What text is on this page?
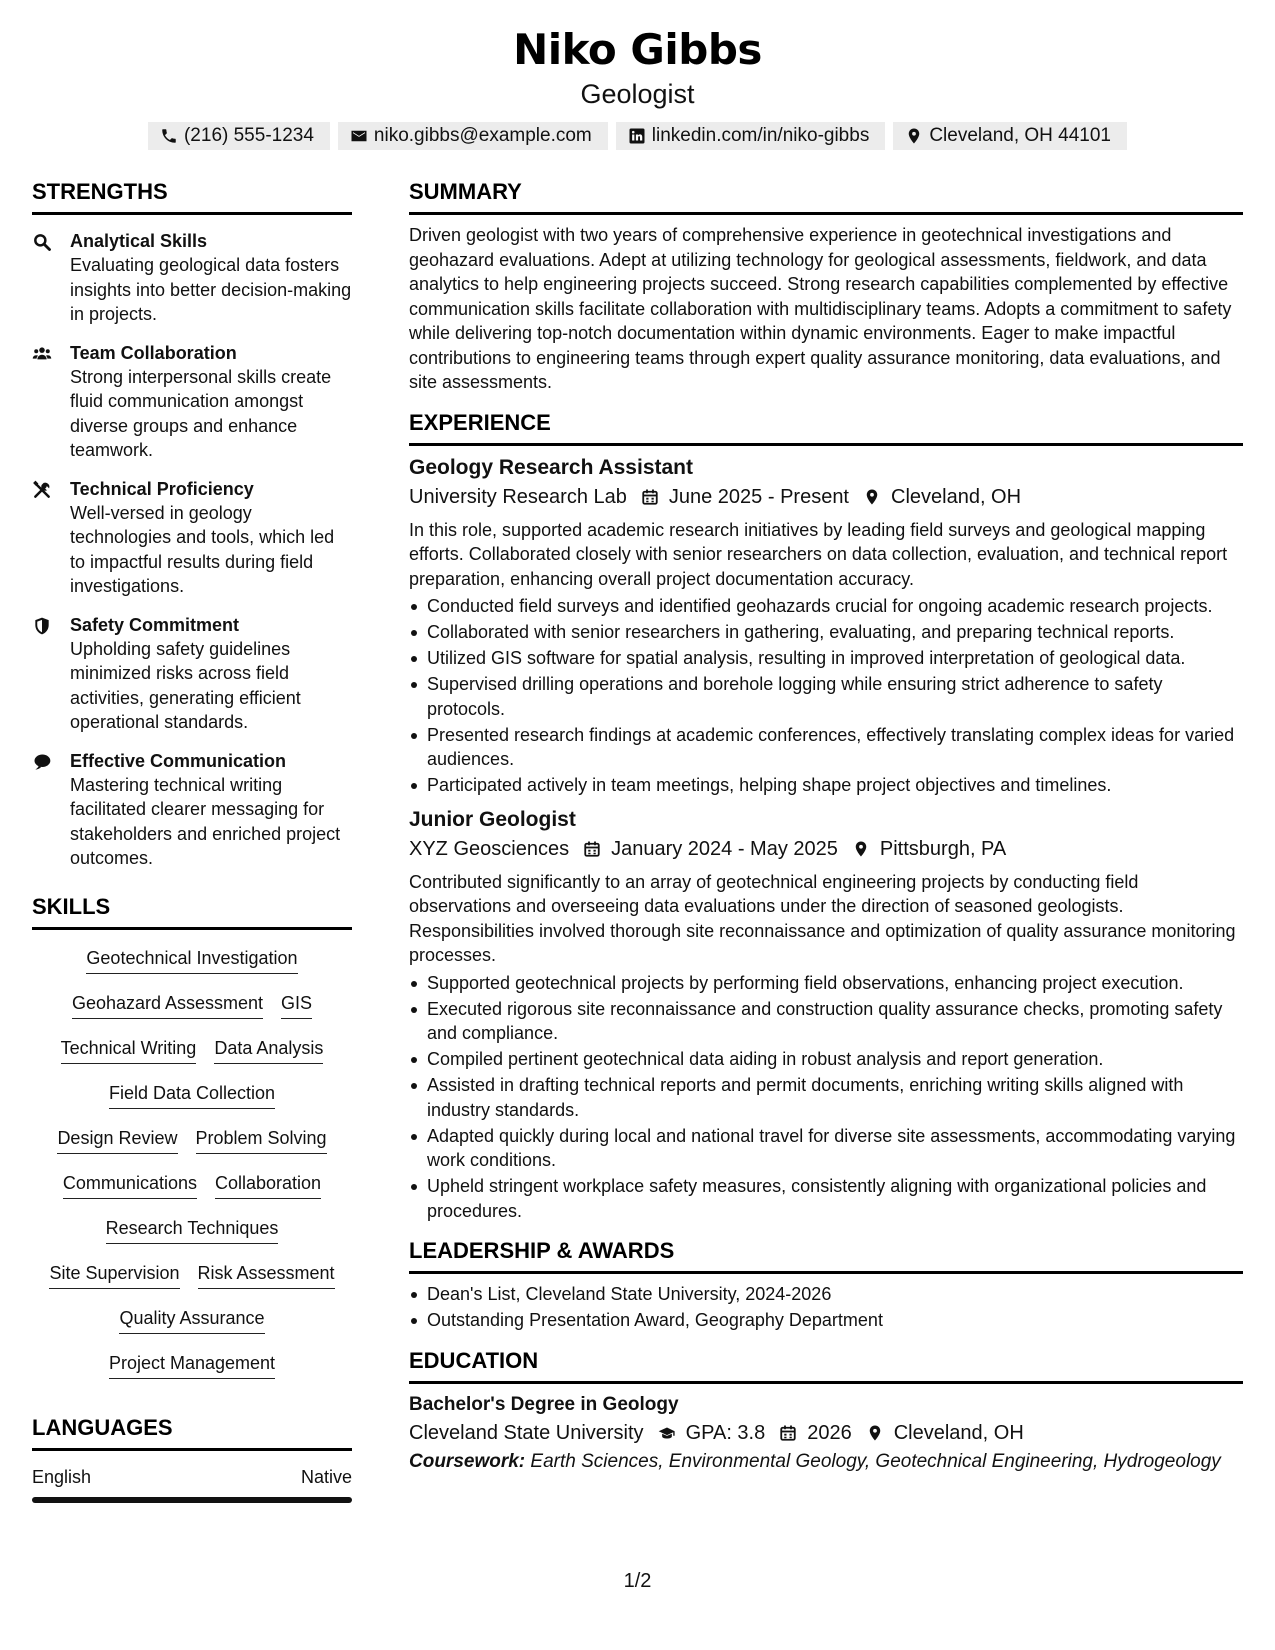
Niko Gibbs
Geologist
(216) 555-1234	niko.gibbs@example.com	linkedin.com/in/niko-gibbs	Cleveland, OH 44101
STRENGTHS
Analytical Skills
Evaluating geological data fosters insights into better decision-making in projects.
Team Collaboration
Strong interpersonal skills create fluid communication amongst diverse groups and enhance teamwork.
Technical Proficiency
Well-versed in geology technologies and tools, which led to impactful results during field investigations.
Safety Commitment
Upholding safety guidelines minimized risks across field activities, generating efficient operational standards.
Effective Communication
Mastering technical writing facilitated clearer messaging for stakeholders and enriched project outcomes.
SKILLS
Geotechnical Investigation
Geohazard Assessment GIS
Technical Writing Data Analysis
Field Data Collection
Design Review Problem Solving
Communications Collaboration
Research Techniques
Site Supervision Risk Assessment
Quality Assurance
Project Management
LANGUAGES
English	Native
SUMMARY
Driven geologist with two years of comprehensive experience in geotechnical investigations and geohazard evaluations. Adept at utilizing technology for geological assessments, fieldwork, and data analytics to help engineering projects succeed. Strong research capabilities complemented by effective communication skills facilitate collaboration with multidisciplinary teams. Adopts a commitment to safety while delivering top-notch documentation within dynamic environments. Eager to make impactful contributions to engineering teams through expert quality assurance monitoring, data evaluations, and site assessments.
EXPERIENCE
Geology Research Assistant
University Research Lab June 2025 - Present Cleveland, OH
In this role, supported academic research initiatives by leading field surveys and geological mapping efforts. Collaborated closely with senior researchers on data collection, evaluation, and technical report preparation, enhancing overall project documentation accuracy.
Conducted field surveys and identified geohazards crucial for ongoing academic research projects.
Collaborated with senior researchers in gathering, evaluating, and preparing technical reports.
Utilized GIS software for spatial analysis, resulting in improved interpretation of geological data.
Supervised drilling operations and borehole logging while ensuring strict adherence to safety protocols.
Presented research findings at academic conferences, effectively translating complex ideas for varied audiences.
Participated actively in team meetings, helping shape project objectives and timelines.
Junior Geologist
XYZ Geosciences January 2024 - May 2025 Pittsburgh, PA
Contributed significantly to an array of geotechnical engineering projects by conducting field observations and overseeing data evaluations under the direction of seasoned geologists. Responsibilities involved thorough site reconnaissance and optimization of quality assurance monitoring processes.
Supported geotechnical projects by performing field observations, enhancing project execution.
Executed rigorous site reconnaissance and construction quality assurance checks, promoting safety and compliance.
Compiled pertinent geotechnical data aiding in robust analysis and report generation.
Assisted in drafting technical reports and permit documents, enriching writing skills aligned with industry standards.
Adapted quickly during local and national travel for diverse site assessments, accommodating varying work conditions.
Upheld stringent workplace safety measures, consistently aligning with organizational policies and procedures.
LEADERSHIP & AWARDS
Dean's List, Cleveland State University, 2024-2026
Outstanding Presentation Award, Geography Department
EDUCATION
Bachelor's Degree in Geology
Cleveland State University GPA: 3.8 2026 Cleveland, OH
Coursework: Earth Sciences, Environmental Geology, Geotechnical Engineering, Hydrogeology
1/2
